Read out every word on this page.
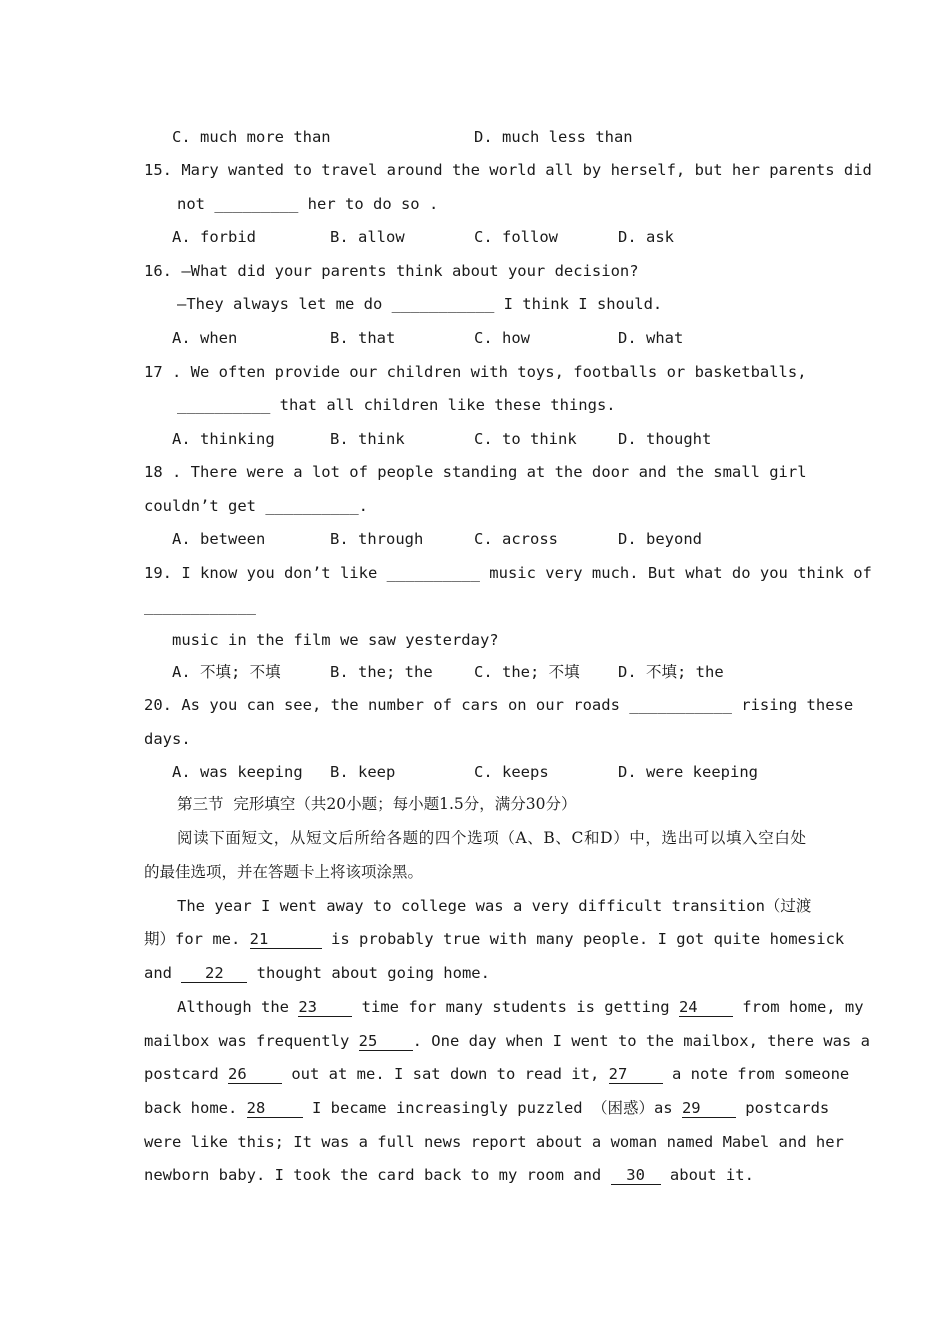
C. much more than	D. much less than
15. Mary wanted to travel around the world all by herself, but her parents did
not _________ her to do so .
A. forbid	B. allow	C. follow	D. ask
16. —What did your parents think about your decision?
—They always let me do ___________ I think I should.
A. when	B. that	C. how	D. what
17 . We often provide our children with toys, footballs or basketballs,
__________ that all children like these things.
A. thinking	B. think	C. to think	D. thought
18 . There were a lot of people standing at the door and the small girl
couldn’t get __________.
A. between	B. through	C. across	D. beyond
19. I know you don’t like __________ music very much. But what do you think of
____________
music in the film we saw yesterday?
A. 不填; 不填	B. the; the	C. the; 不填 D. 不填; the
20. As you can see, the number of cars on our roads ___________ rising these
days.
A. was keeping B. keep	C. keeps	D. were keeping
第三节  完形填空（共20小题；每小题1.5分，满分30分）
阅读下面短文，从短文后所给各题的四个选项（A、B、C和D）中，选出可以填入空白处
的最佳选项，并在答题卡上将该项涂黑。
The year I went away to college was a very difficult transition（过渡
期）for me. 21	is probably true with many people. I got quite homesick
and 22 thought about going home.
Although the 23 time for many students is getting 24 from home, my
mailbox was frequently 25 . One day when I went to the mailbox, there was a
postcard 26 out at me. I sat down to read it, 27 a note from someone
back home. 28 I became increasingly puzzled （困惑）as 29 postcards
were like this; It was a full news report about a woman named Mabel and her
newborn baby. I took the card back to my room and 30 about it.
